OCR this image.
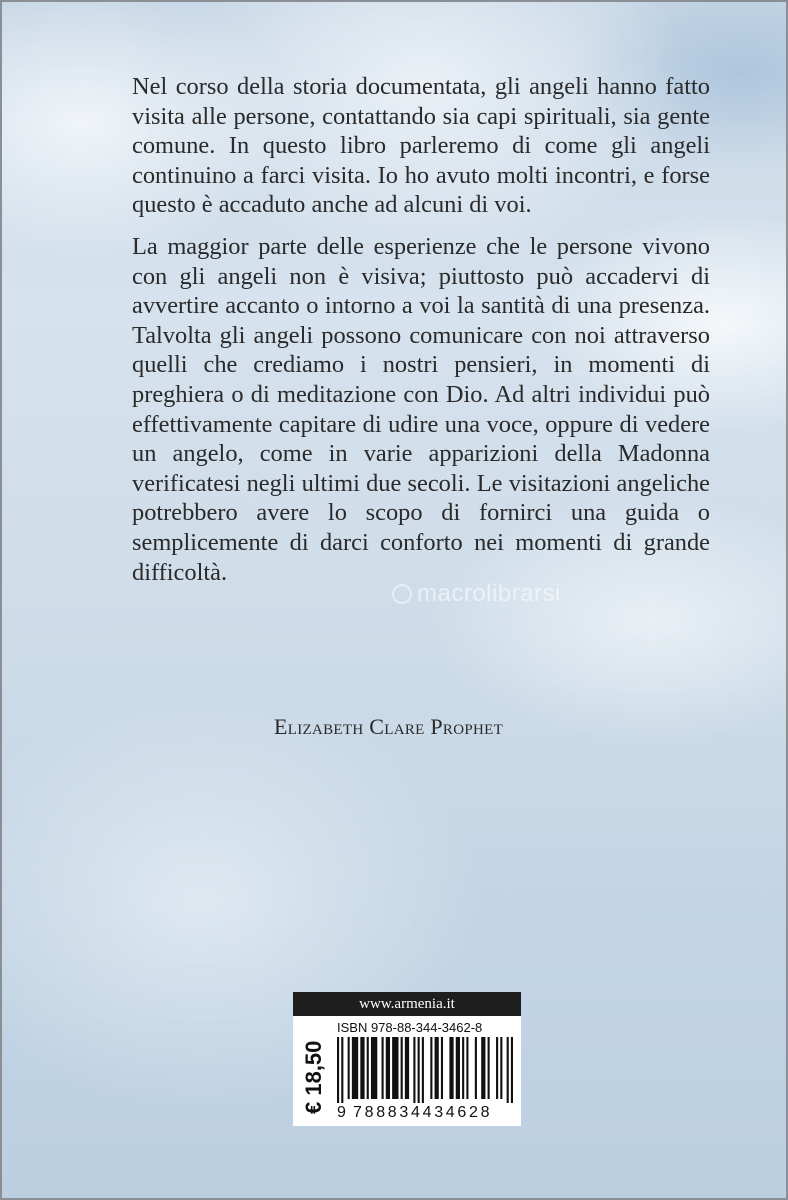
Nel corso della storia documentata, gli angeli hanno fatto visita alle persone, contattando sia capi spirituali, sia gente comune. In questo libro parleremo di come gli angeli continuino a farci visita. Io ho avuto molti incontri, e forse questo è accaduto anche ad alcuni di voi.

La maggior parte delle esperienze che le persone vivono con gli angeli non è visiva; piuttosto può accadervi di avvertire accanto o intorno a voi la santità di una presenza. Talvolta gli angeli possono comunicare con noi attraverso quelli che crediamo i nostri pensieri, in momenti di preghiera o di meditazione con Dio. Ad altri individui può effettivamente capitare di udire una voce, oppure di vedere un angelo, come in varie apparizioni della Madonna verificatesi negli ultimi due secoli. Le visitazioni angeliche potrebbero avere lo scopo di fornirci una guida o semplicemente di darci conforto nei momenti di grande difficoltà.

Elizabeth Clare Prophet
macrolibrarsi
www.armenia.it
€ 18,50
ISBN 978-88-344-3462-8
9 788834434628
